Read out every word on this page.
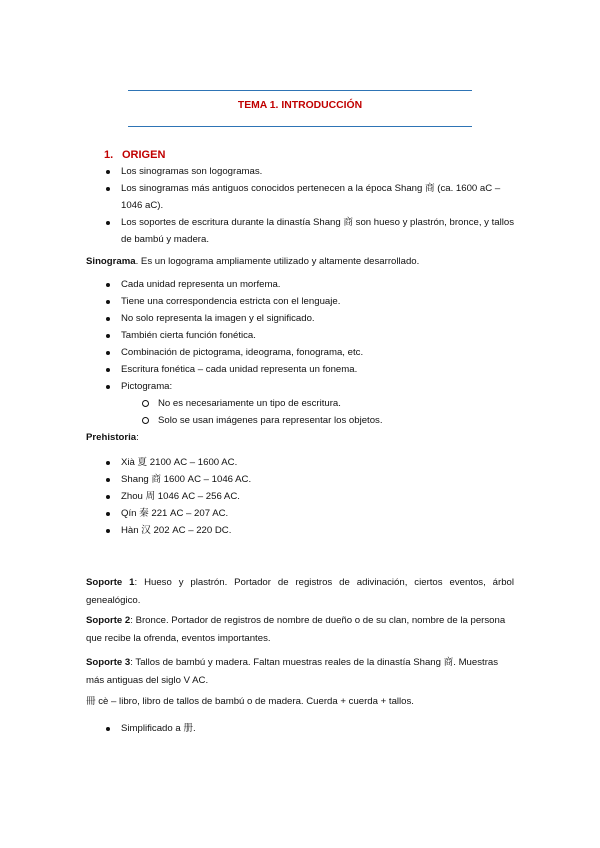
TEMA 1. INTRODUCCIÓN
1. ORIGEN
Los sinogramas son logogramas.
Los sinogramas más antiguos conocidos pertenecen a la época Shang 商 (ca. 1600 aC – 1046 aC).
Los soportes de escritura durante la dinastía Shang 商 son hueso y plastrón, bronce, y tallos de bambú y madera.
Sinograma. Es un logograma ampliamente utilizado y altamente desarrollado.
Cada unidad representa un morfema.
Tiene una correspondencia estricta con el lenguaje.
No solo representa la imagen y el significado.
También cierta función fonética.
Combinación de pictograma, ideograma, fonograma, etc.
Escritura fonética – cada unidad representa un fonema.
Pictograma:
No es necesariamente un tipo de escritura.
Solo se usan imágenes para representar los objetos.
Prehistoria:
Xià 夏 2100 AC – 1600 AC.
Shang 商 1600 AC – 1046 AC.
Zhou 周 1046 AC – 256 AC.
Qín 秦 221 AC – 207 AC.
Hàn 汉 202 AC – 220 DC.
Soporte 1: Hueso y plastrón. Portador de registros de adivinación, ciertos eventos, árbol genealógico.
Soporte 2: Bronce. Portador de registros de nombre de dueño o de su clan, nombre de la persona que recibe la ofrenda, eventos importantes.
Soporte 3: Tallos de bambú y madera. Faltan muestras reales de la dinastía Shang 商. Muestras más antiguas del siglo V AC.
冊 cè – libro, libro de tallos de bambú o de madera. Cuerda + cuerda + tallos.
Simplificado a 册.
